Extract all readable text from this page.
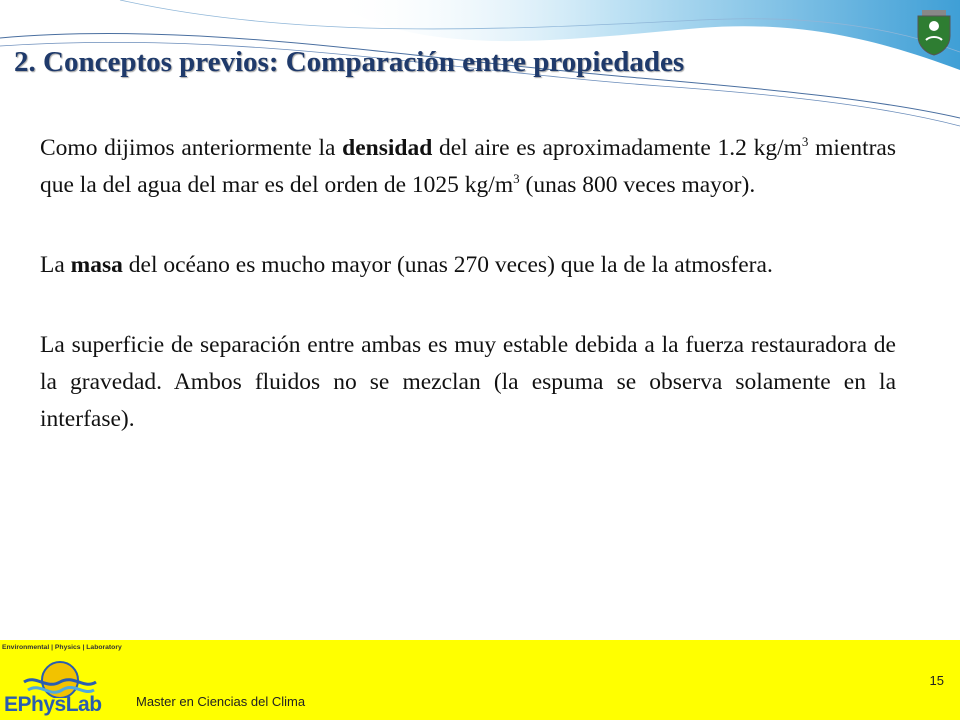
2. Conceptos previos: Comparación entre propiedades

Como dijimos anteriormente la densidad del aire es aproximadamente 1.2 $kg/m^3$ mientras que la del agua del mar es del orden de 1025 $kg/m^3$ (unas 800 veces mayor).

La masa del océano es mucho mayor (unas 270 veces) que la de la atmosfera.

La superficie de separación entre ambas es muy estable debida a la fuerza restauradora de la gravedad. Ambos fluidos no se mezclan (la espuma se observa solamente en la interfase).

Environmental | Physics | Laboratory
EPhysLab	Master en Ciencias del Clima
15
